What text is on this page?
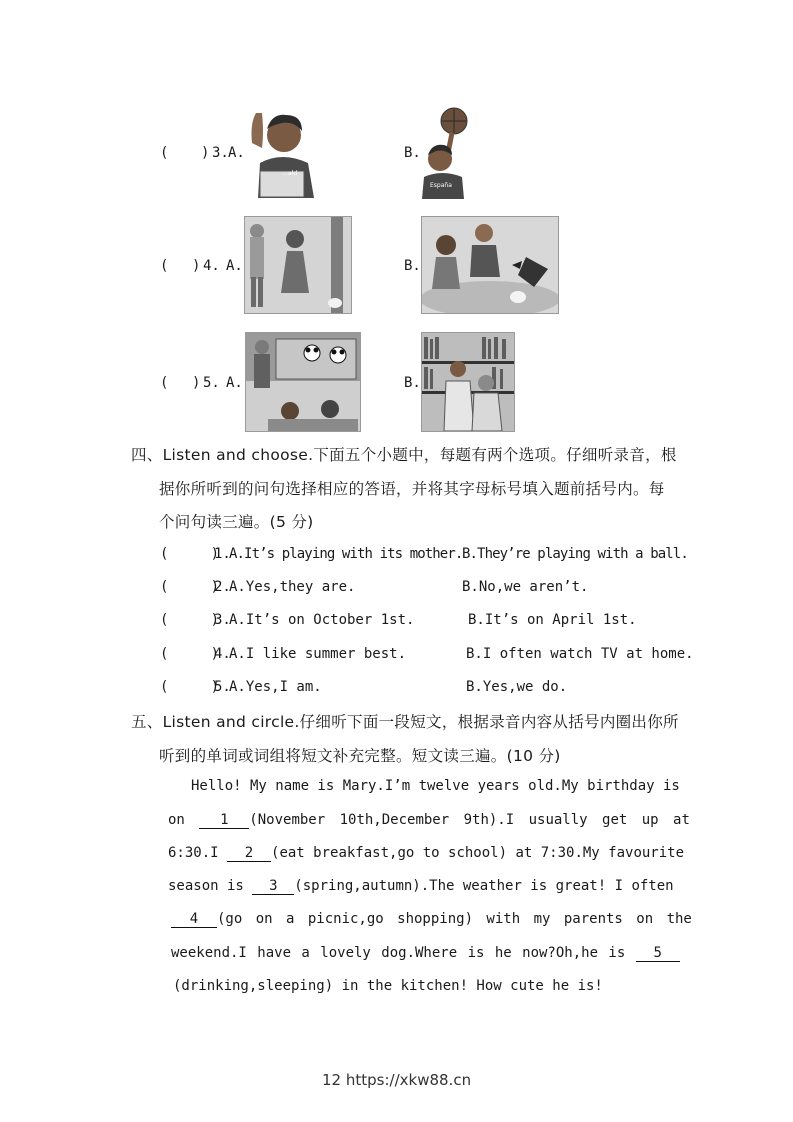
( ) 3. A.
…ald
B.
España
( ) 4. A.	B.
( ) 5. A.	B.
四、Listen and choose.下面五个小题中，每题有两个选项。仔细听录音，根
据你所听到的问句选择相应的答语，并将其字母标号填入题前括号内。每
个问句读三遍。(5 分)
(     )
1.
A.It’s playing with its mother. B.They’re playing with a ball.
(     )
2.
A.Yes,they are.	B.No,we aren’t.
(     )
3.
A.It’s on October 1st.	B.It’s on April 1st.
(     )
4.
A.I like summer best.	B.I often watch TV at home.
(     )
5.
A.Yes,I am.	B.Yes,we do.
五、Listen and circle.仔细听下面一段短文，根据录音内容从括号内圈出你所
听到的单词或词组将短文补充完整。短文读三遍。(10 分)
Hello! My name is Mary.I’m twelve years old.My birthday is
on 1 (November 10th,December 9th).I usually get up at
6:30.I 2 (eat breakfast,go to school) at 7:30.My favourite
season is 3 (spring,autumn).The weather is great! I often
4 (go on a picnic,go shopping) with my parents on the
weekend.I have a lovely dog.Where is he now?Oh,he is 5
(drinking,sleeping) in the kitchen! How cute he is!
12 https://xkw88.cn
